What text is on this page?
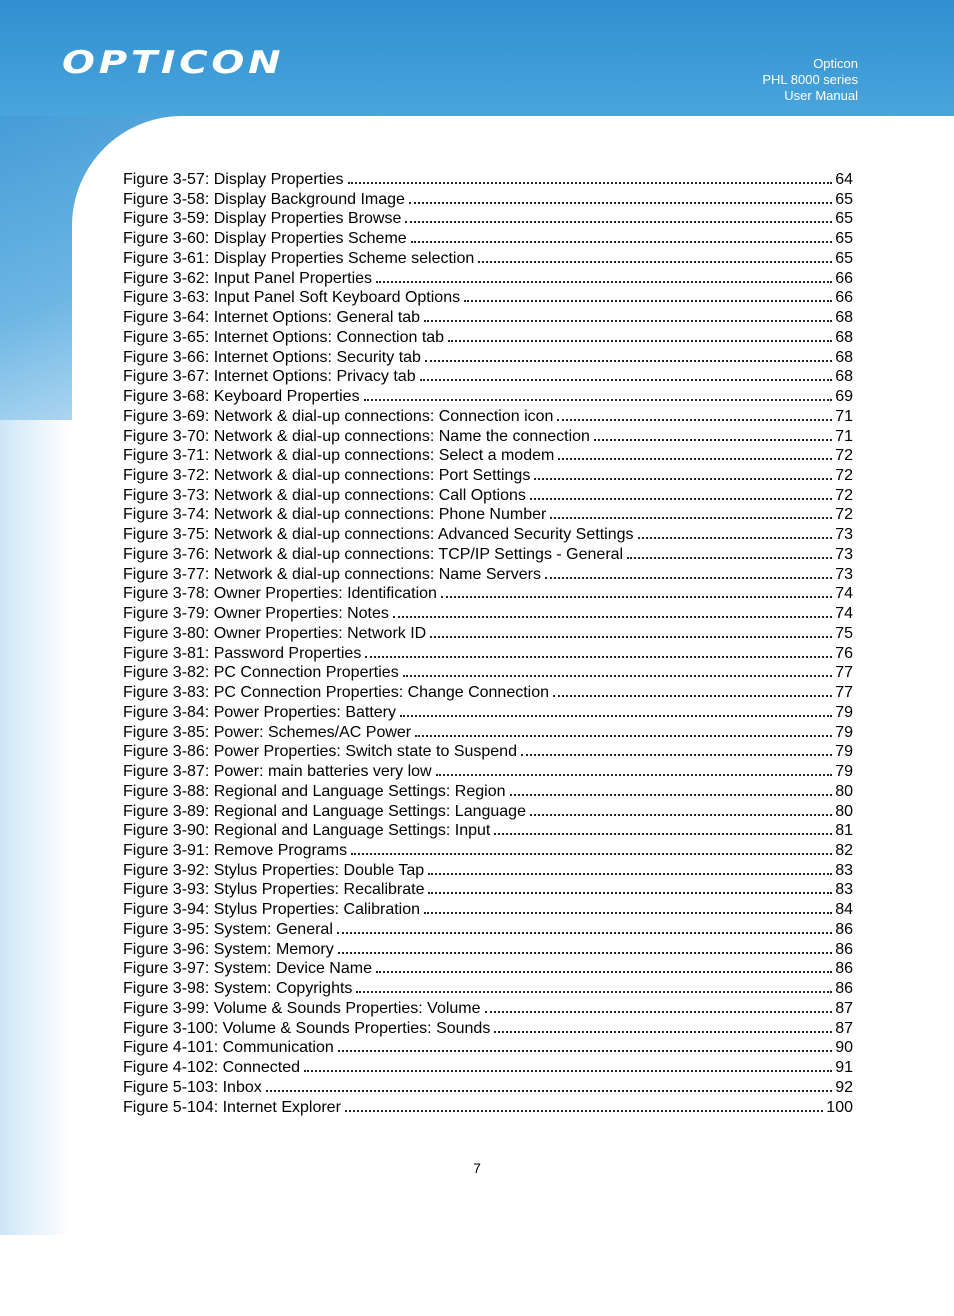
OPTICON	Opticon
PHL 8000 series
User Manual
Figure 3-57: Display Properties	64
Figure 3-58: Display Background Image	65
Figure 3-59: Display Properties Browse	65
Figure 3-60: Display Properties Scheme	65
Figure 3-61: Display Properties Scheme selection	65
Figure 3-62: Input Panel Properties	66
Figure 3-63: Input Panel Soft Keyboard Options	66
Figure 3-64: Internet Options: General tab	68
Figure 3-65: Internet Options: Connection tab	68
Figure 3-66: Internet Options: Security tab	68
Figure 3-67: Internet Options: Privacy tab	68
Figure 3-68: Keyboard Properties	69
Figure 3-69: Network & dial-up connections: Connection icon	71
Figure 3-70: Network & dial-up connections: Name the connection	71
Figure 3-71: Network & dial-up connections: Select a modem	72
Figure 3-72: Network & dial-up connections: Port Settings	72
Figure 3-73: Network & dial-up connections: Call Options	72
Figure 3-74: Network & dial-up connections: Phone Number	72
Figure 3-75: Network & dial-up connections: Advanced Security Settings	73
Figure 3-76: Network & dial-up connections: TCP/IP Settings - General	73
Figure 3-77: Network & dial-up connections: Name Servers	73
Figure 3-78: Owner Properties: Identification	74
Figure 3-79: Owner Properties: Notes	74
Figure 3-80: Owner Properties: Network ID	75
Figure 3-81: Password Properties	76
Figure 3-82: PC Connection Properties	77
Figure 3-83: PC Connection Properties: Change Connection	77
Figure 3-84: Power Properties: Battery	79
Figure 3-85: Power: Schemes/AC Power	79
Figure 3-86: Power Properties: Switch state to Suspend	79
Figure 3-87: Power: main batteries very low	79
Figure 3-88: Regional and Language Settings: Region	80
Figure 3-89: Regional and Language Settings: Language	80
Figure 3-90: Regional and Language Settings: Input	81
Figure 3-91: Remove Programs	82
Figure 3-92: Stylus Properties: Double Tap	83
Figure 3-93: Stylus Properties: Recalibrate	83
Figure 3-94: Stylus Properties: Calibration	84
Figure 3-95: System: General	86
Figure 3-96: System: Memory	86
Figure 3-97: System: Device Name	86
Figure 3-98: System: Copyrights	86
Figure 3-99: Volume & Sounds Properties: Volume	87
Figure 3-100: Volume & Sounds Properties: Sounds	87
Figure 4-101: Communication	90
Figure 4-102: Connected	91
Figure 5-103: Inbox	92
Figure 5-104: Internet Explorer	100
7
